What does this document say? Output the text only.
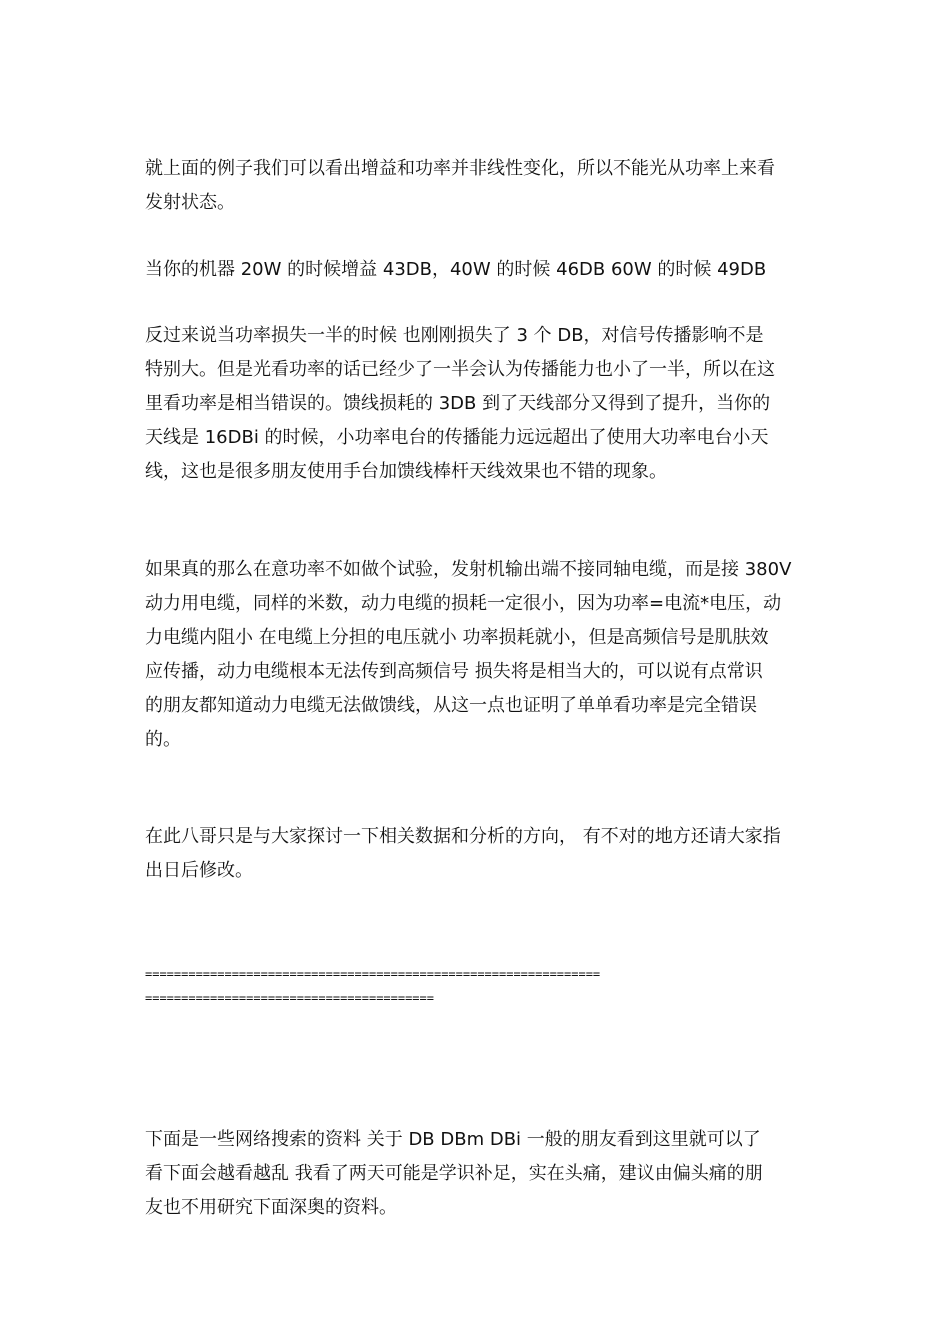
就上面的例子我们可以看出增益和功率并非线性变化，所以不能光从功率上来看
发射状态。
当你的机器 20W 的时候增益 43DB，40W 的时候 46DB 60W 的时候 49DB
反过来说当功率损失一半的时候 也刚刚损失了 3 个 DB，对信号传播影响不是
特别大。但是光看功率的话已经少了一半会认为传播能力也小了一半，所以在这
里看功率是相当错误的。馈线损耗的 3DB 到了天线部分又得到了提升，当你的
天线是 16DBi 的时候，小功率电台的传播能力远远超出了使用大功率电台小天
线，这也是很多朋友使用手台加馈线棒杆天线效果也不错的现象。
如果真的那么在意功率不如做个试验，发射机输出端不接同轴电缆，而是接 380V
动力用电缆，同样的米数，动力电缆的损耗一定很小，因为功率=电流*电压，动
力电缆内阻小 在电缆上分担的电压就小 功率损耗就小，但是高频信号是肌肤效
应传播，动力电缆根本无法传到高频信号 损失将是相当大的，可以说有点常识
的朋友都知道动力电缆无法做馈线，从这一点也证明了单单看功率是完全错误
的。
在此八哥只是与大家探讨一下相关数据和分析的方向， 有不对的地方还请大家指
出日后修改。
===============================================================
========================================
下面是一些网络搜索的资料 关于 DB DBm DBi 一般的朋友看到这里就可以了
看下面会越看越乱 我看了两天可能是学识补足，实在头痛，建议由偏头痛的朋
友也不用研究下面深奥的资料。
